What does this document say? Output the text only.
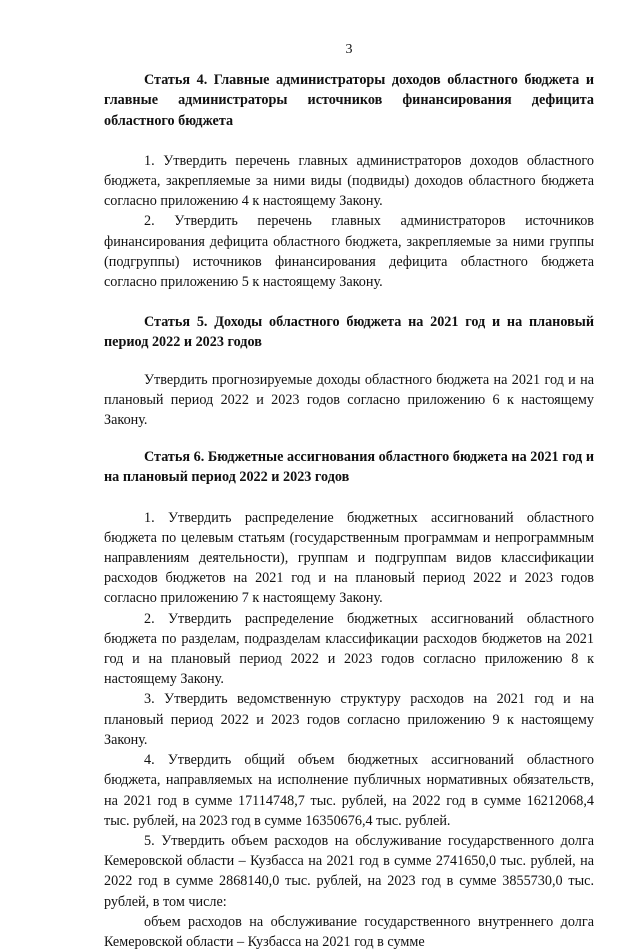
3
Статья 4. Главные администраторы доходов областного бюджета и главные администраторы источников финансирования дефицита областного бюджета

1. Утвердить перечень главных администраторов доходов областного бюджета, закрепляемые за ними виды (подвиды) доходов областного бюджета согласно приложению 4 к настоящему Закону.

2. Утвердить перечень главных администраторов источников финансирования дефицита областного бюджета, закрепляемые за ними группы (подгруппы) источников финансирования дефицита областного бюджета согласно приложению 5 к настоящему Закону.

Статья 5. Доходы областного бюджета на 2021 год и на плановый период 2022 и 2023 годов

Утвердить прогнозируемые доходы областного бюджета на 2021 год и на плановый период 2022 и 2023 годов согласно приложению 6 к настоящему Закону.

Статья 6. Бюджетные ассигнования областного бюджета на 2021 год и на плановый период 2022 и 2023 годов

1. Утвердить распределение бюджетных ассигнований областного бюджета по целевым статьям (государственным программам и непрограммным направлениям деятельности), группам и подгруппам видов классификации расходов бюджетов на 2021 год и на плановый период 2022 и 2023 годов согласно приложению 7 к настоящему Закону.

2. Утвердить распределение бюджетных ассигнований областного бюджета по разделам, подразделам классификации расходов бюджетов на 2021 год и на плановый период 2022 и 2023 годов согласно приложению 8 к настоящему Закону.

3. Утвердить ведомственную структуру расходов на 2021 год и на плановый период 2022 и 2023 годов согласно приложению 9 к настоящему Закону.

4. Утвердить общий объем бюджетных ассигнований областного бюджета, направляемых на исполнение публичных нормативных обязательств, на 2021 год в сумме 17114748,7 тыс. рублей, на 2022 год в сумме 16212068,4 тыс. рублей, на 2023 год в сумме 16350676,4 тыс. рублей.

5. Утвердить объем расходов на обслуживание государственного долга Кемеровской области – Кузбасса на 2021 год в сумме 2741650,0 тыс. рублей, на 2022 год в сумме 2868140,0 тыс. рублей, на 2023 год в сумме 3855730,0 тыс. рублей, в том числе:

объем расходов на обслуживание государственного внутреннего долга Кемеровской области – Кузбасса на 2021 год в сумме
